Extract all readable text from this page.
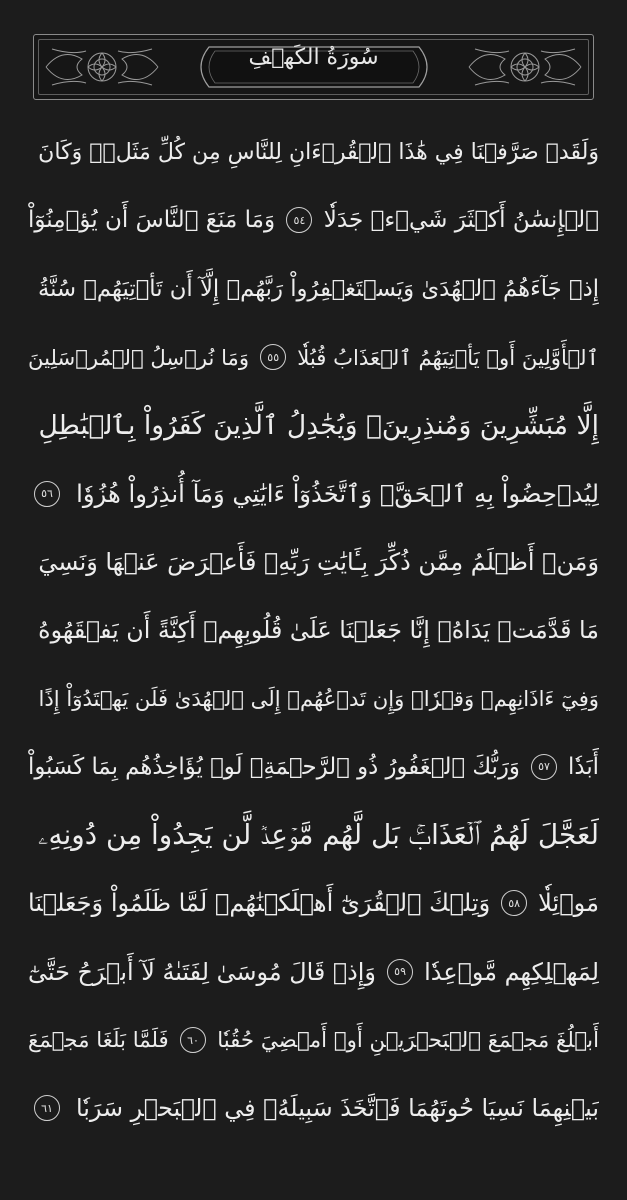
سُورَةُ الكَهۡفِ
وَلَقَدۡ صَرَّفۡنَا فِي هَٰذَا ٱلۡقُرۡءَانِ لِلنَّاسِ مِن كُلِّ مَثَلٖۚ وَكَانَ
ٱلۡإِنسَٰنُ أَكۡثَرَ شَيۡءٖ جَدَلٗا
٥٤
وَمَا مَنَعَ ٱلنَّاسَ أَن يُؤۡمِنُوٓاْ
إِذۡ جَآءَهُمُ ٱلۡهُدَىٰ وَيَسۡتَغۡفِرُواْ رَبَّهُمۡ إِلَّآ أَن تَأۡتِيَهُمۡ سُنَّةُ
ٱلۡأَوَّلِينَ أَوۡ يَأۡتِيَهُمُ ٱلۡعَذَابُ قُبُلٗا
٥٥
وَمَا نُرۡسِلُ ٱلۡمُرۡسَلِينَ
إِلَّا مُبَشِّرِينَ وَمُنذِرِينَۚ وَيُجَٰدِلُ ٱلَّذِينَ كَفَرُواْ بِٱلۡبَٰطِلِ
لِيُدۡحِضُواْ بِهِ ٱلۡحَقَّۖ وَٱتَّخَذُوٓاْ ءَايَٰتِي وَمَآ أُنذِرُواْ هُزُوٗا
٥٦
وَمَنۡ أَظۡلَمُ مِمَّن ذُكِّرَ بِـَٔايَٰتِ رَبِّهِۦ فَأَعۡرَضَ عَنۡهَا وَنَسِيَ
مَا قَدَّمَتۡ يَدَاهُۚ إِنَّا جَعَلۡنَا عَلَىٰ قُلُوبِهِمۡ أَكِنَّةً أَن يَفۡقَهُوهُ
وَفِيٓ ءَاذَانِهِمۡ وَقۡرٗاۖ وَإِن تَدۡعُهُمۡ إِلَى ٱلۡهُدَىٰ فَلَن يَهۡتَدُوٓاْ إِذًا
أَبَدٗا
٥٧
وَرَبُّكَ ٱلۡغَفُورُ ذُو ٱلرَّحۡمَةِۖ لَوۡ يُؤَاخِذُهُم بِمَا كَسَبُواْ
لَعَجَّلَ لَهُمُ ٱلۡعَذَابَۚ بَل لَّهُم مَّوۡعِدٞ لَّن يَجِدُواْ مِن دُونِهِۦ
مَوۡئِلٗا
٥٨
وَتِلۡكَ ٱلۡقُرَىٰٓ أَهۡلَكۡنَٰهُمۡ لَمَّا ظَلَمُواْ وَجَعَلۡنَا
لِمَهۡلِكِهِم مَّوۡعِدٗا
٥٩
وَإِذۡ قَالَ مُوسَىٰ لِفَتَىٰهُ لَآ أَبۡرَحُ حَتَّىٰٓ
أَبۡلُغَ مَجۡمَعَ ٱلۡبَحۡرَيۡنِ أَوۡ أَمۡضِيَ حُقُبٗا
٦٠
فَلَمَّا بَلَغَا مَجۡمَعَ
بَيۡنِهِمَا نَسِيَا حُوتَهُمَا فَٱتَّخَذَ سَبِيلَهُۥ فِي ٱلۡبَحۡرِ سَرَبٗا
٦١
